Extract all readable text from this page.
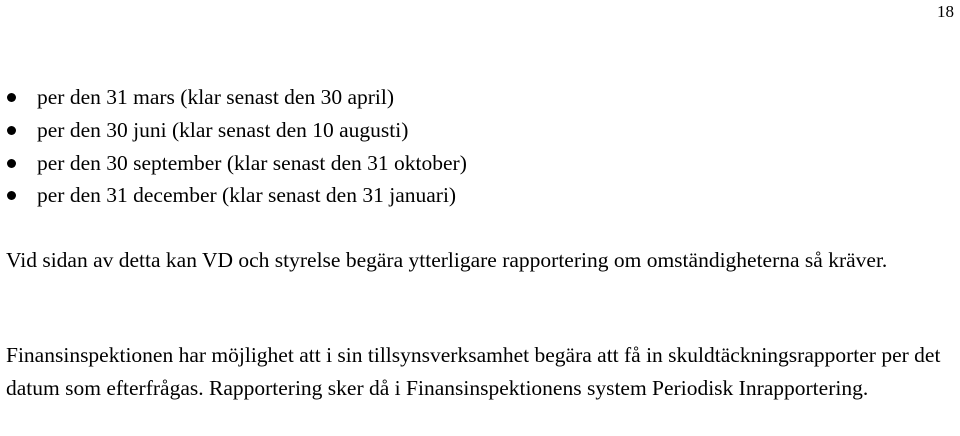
18
per den 31 mars (klar senast den 30 april)
per den 30 juni (klar senast den 10 augusti)
per den 30 september (klar senast den 31 oktober)
per den 31 december (klar senast den 31 januari)

Vid sidan av detta kan VD och styrelse begära ytterligare rapportering om omständigheterna så kräver.

Finansinspektionen har möjlighet att i sin tillsynsverksamhet begära att få in skuldtäckningsrapporter per det datum som efterfrågas. Rapportering sker då i Finansinspektionens system Periodisk Inrapportering.
